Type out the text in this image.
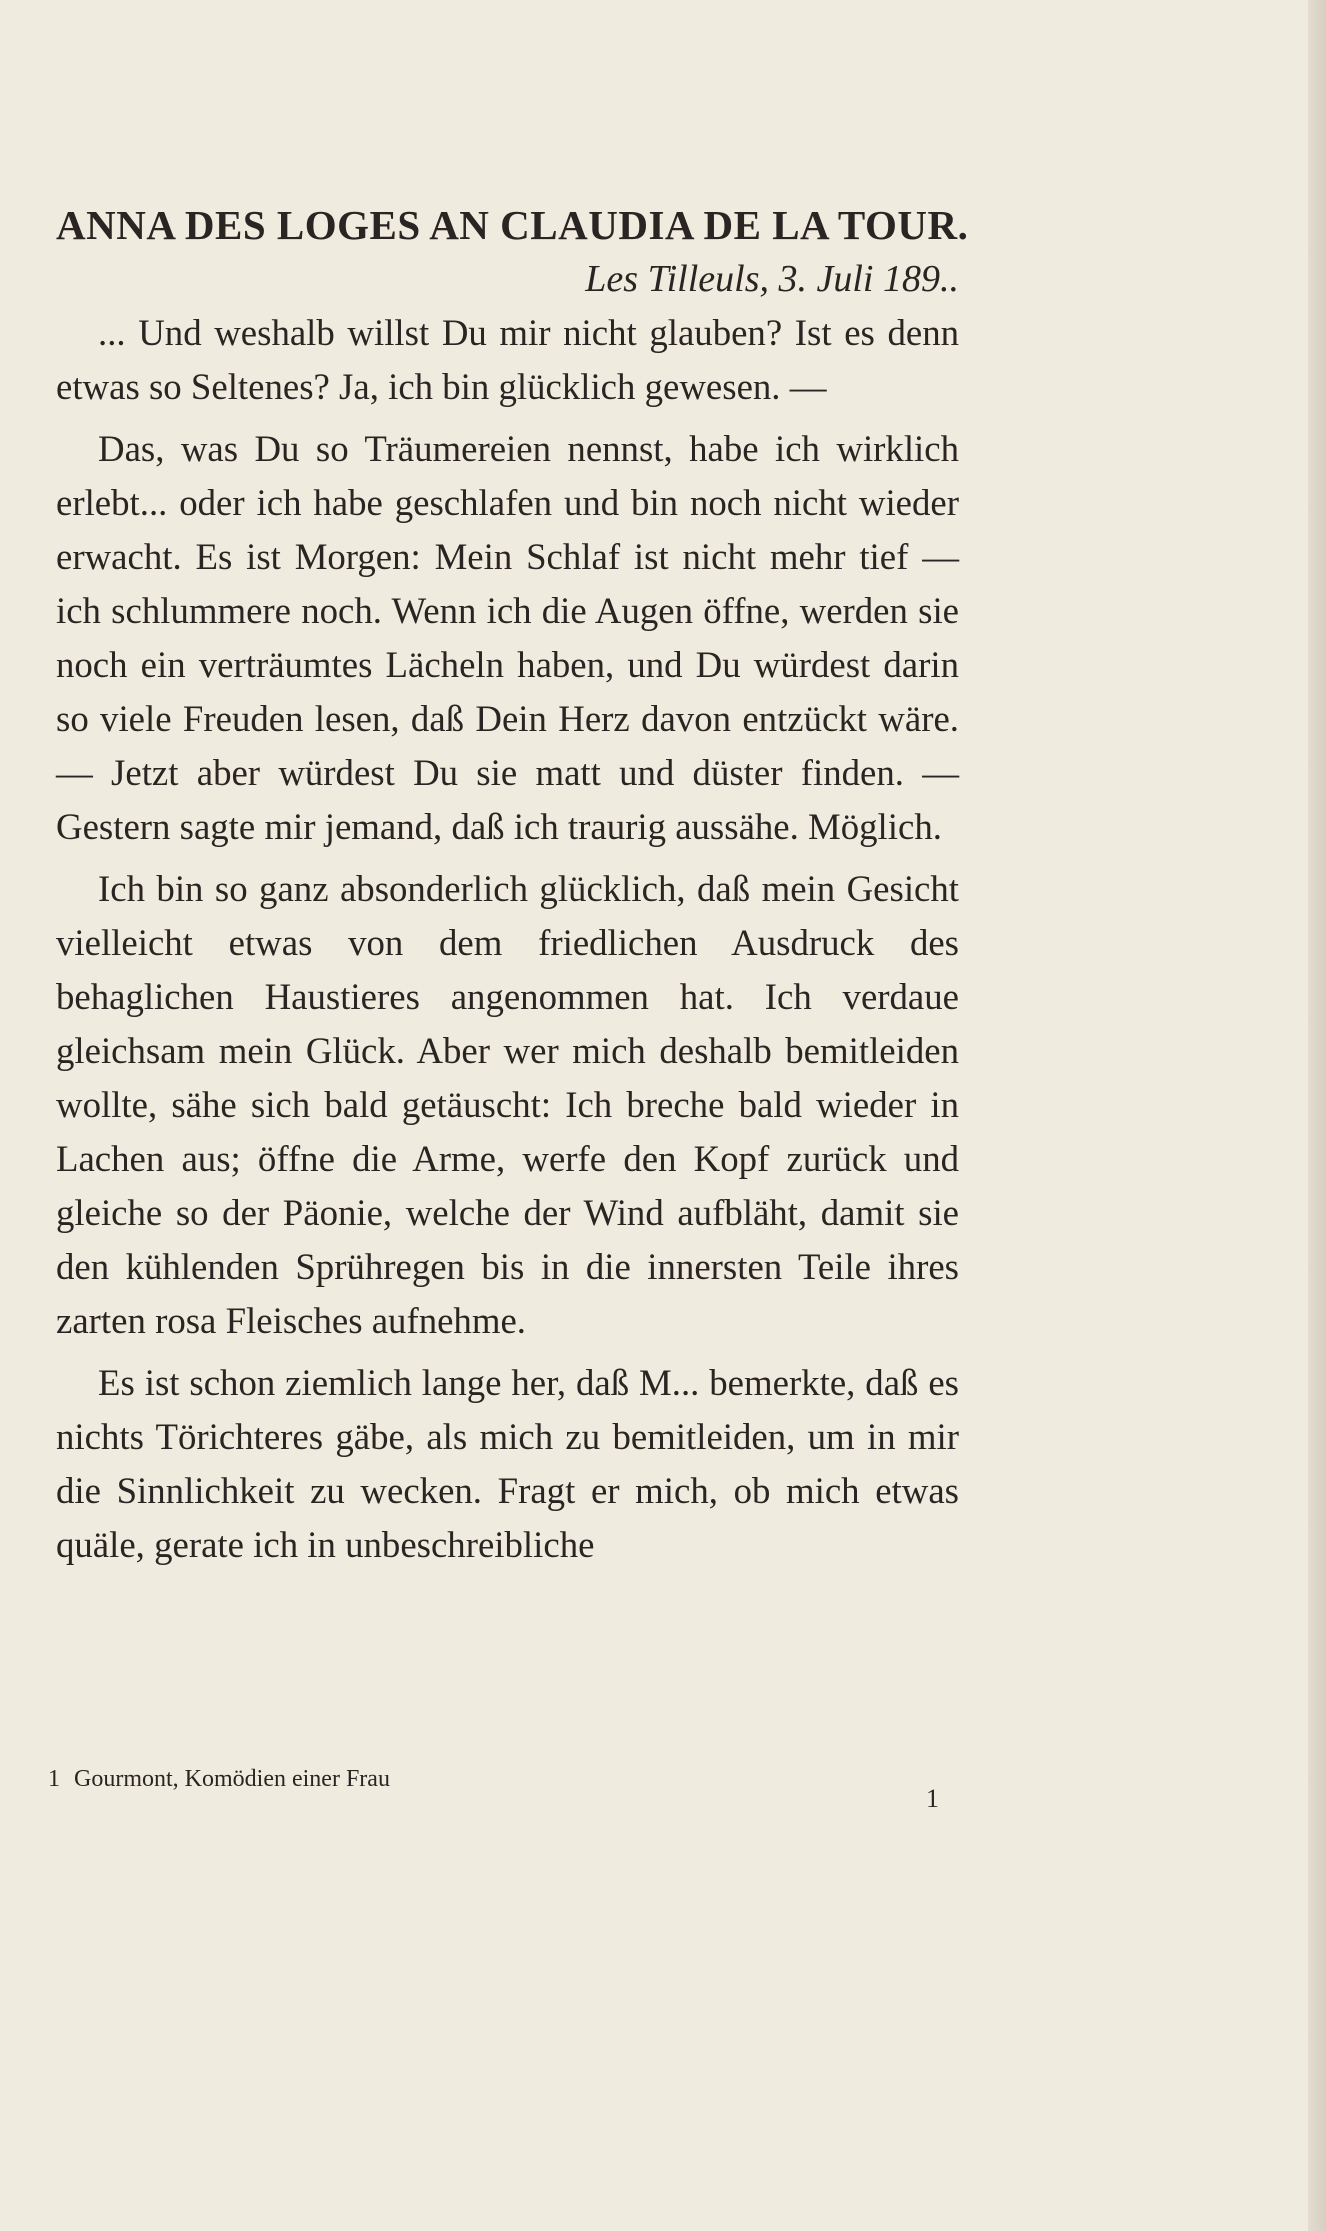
ANNA DES LOGES AN CLAUDIA DE LA TOUR.

Les Tilleuls, 3. Juli 189..

... Und weshalb willst Du mir nicht glauben? Ist es denn etwas so Seltenes? Ja, ich bin glücklich gewesen. —

Das, was Du so Träumereien nennst, habe ich wirklich erlebt... oder ich habe geschlafen und bin noch nicht wieder erwacht. Es ist Morgen: Mein Schlaf ist nicht mehr tief — ich schlummere noch. Wenn ich die Augen öffne, werden sie noch ein verträumtes Lächeln haben, und Du würdest darin so viele Freuden lesen, daß Dein Herz davon entzückt wäre. — Jetzt aber würdest Du sie matt und düster finden. — Gestern sagte mir jemand, daß ich traurig aussähe. Möglich.

Ich bin so ganz absonderlich glücklich, daß mein Gesicht vielleicht etwas von dem friedlichen Ausdruck des behaglichen Haustieres angenommen hat. Ich verdaue gleichsam mein Glück. Aber wer mich deshalb bemitleiden wollte, sähe sich bald getäuscht: Ich breche bald wieder in Lachen aus; öffne die Arme, werfe den Kopf zurück und gleiche so der Päonie, welche der Wind aufbläht, damit sie den kühlenden Sprühregen bis in die innersten Teile ihres zarten rosa Fleisches aufnehme.

Es ist schon ziemlich lange her, daß M... bemerkte, daß es nichts Törichteres gäbe, als mich zu bemitleiden, um in mir die Sinnlichkeit zu wecken. Fragt er mich, ob mich etwas quäle, gerate ich in unbeschreibliche

1 Gourmont, Komödien einer Frau
1
